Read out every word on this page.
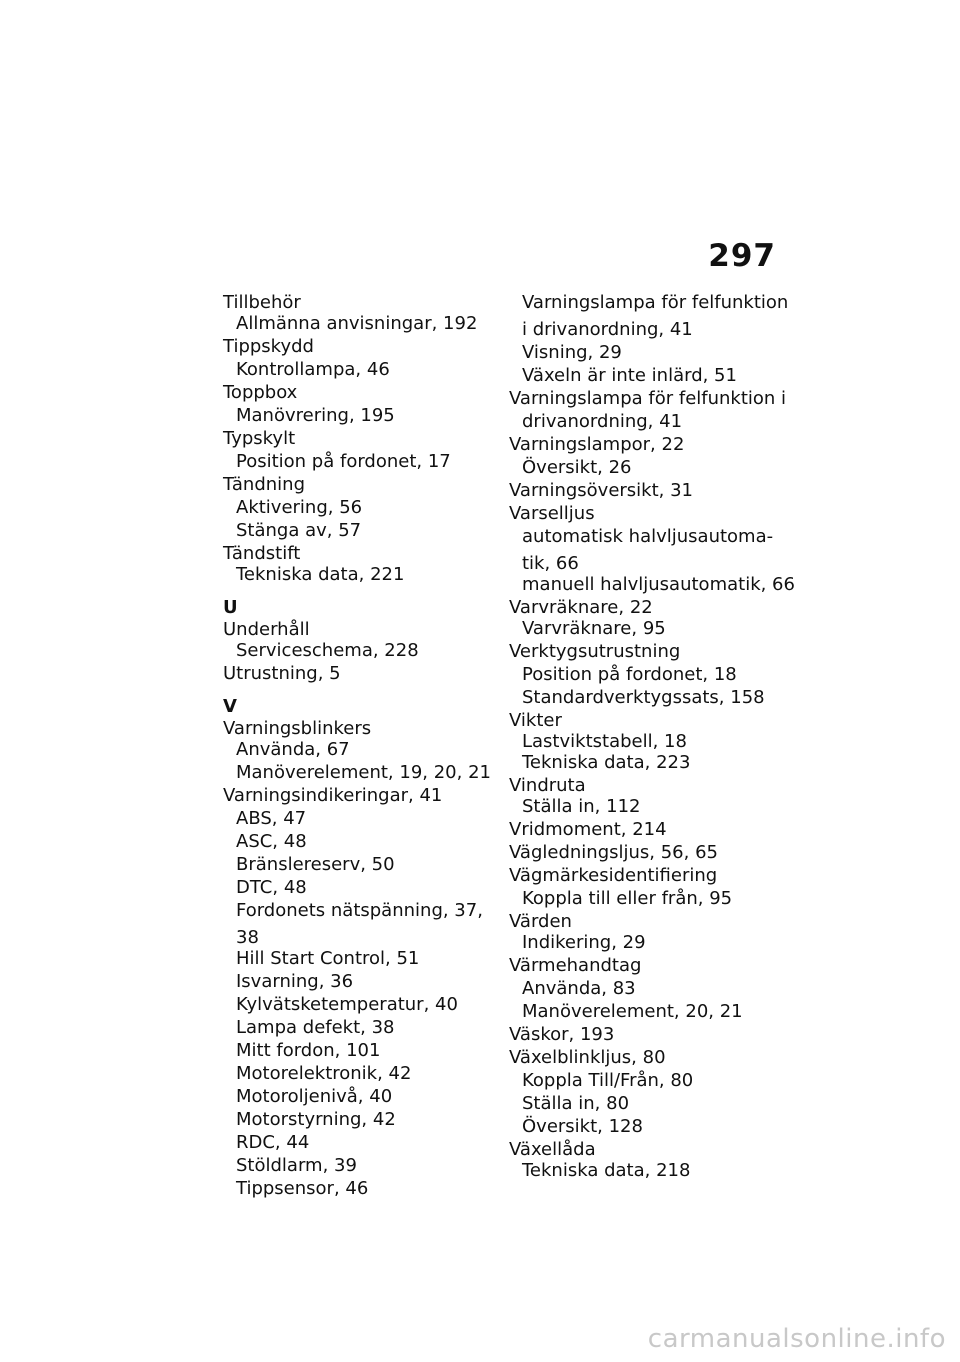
297
Tillbehör
Allmänna anvisningar, 192
Tippskydd
Kontrollampa, 46
Toppbox
Manövrering, 195
Typskylt
Position på fordonet, 17
Tändning
Aktivering, 56
Stänga av, 57
Tändstift
Tekniska data, 221
U
Underhåll
Serviceschema, 228
Utrustning, 5
V
Varningsblinkers
Använda, 67
Manöverelement, 19, 20, 21
Varningsindikeringar, 41
ABS, 47
ASC, 48
Bränslereserv, 50
DTC, 48
Fordonets nätspänning, 37,
38
Hill Start Control, 51
Isvarning, 36
Kylvätsketemperatur, 40
Lampa defekt, 38
Mitt fordon, 101
Motorelektronik, 42
Motoroljenivå, 40
Motorstyrning, 42
RDC, 44
Stöldlarm, 39
Tippsensor, 46
Varningslampa för felfunktion
i drivanordning, 41
Visning, 29
Växeln är inte inlärd, 51
Varningslampa för felfunktion i
drivanordning, 41
Varningslampor, 22
Översikt, 26
Varningsöversikt, 31
Varselljus
automatisk halvljusautoma-
tik, 66
manuell halvljusautomatik, 66
Varvräknare, 22
Varvräknare, 95
Verktygsutrustning
Position på fordonet, 18
Standardverktygssats, 158
Vikter
Lastviktstabell, 18
Tekniska data, 223
Vindruta
Ställa in, 112
Vridmoment, 214
Vägledningsljus, 56, 65
Vägmärkesidentifiering
Koppla till eller från, 95
Värden
Indikering, 29
Värmehandtag
Använda, 83
Manöverelement, 20, 21
Väskor, 193
Växelblinkljus, 80
Koppla Till/Från, 80
Ställa in, 80
Översikt, 128
Växellåda
Tekniska data, 218
carmanualsonline.info
